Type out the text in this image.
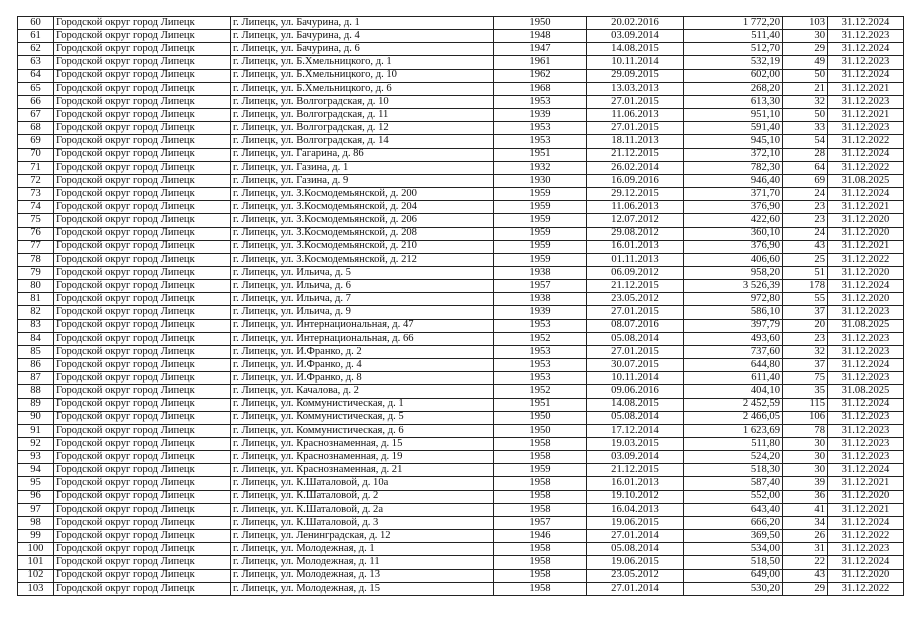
60	Городской округ город Липецк	г. Липецк, ул. Бачурина, д. 1	1950	20.02.2016	1 772,20	103	31.12.2024
61	Городской округ город Липецк	г. Липецк, ул. Бачурина, д. 4	1948	03.09.2014	511,40	30	31.12.2023
62	Городской округ город Липецк	г. Липецк, ул. Бачурина, д. 6	1947	14.08.2015	512,70	29	31.12.2024
63	Городской округ город Липецк	г. Липецк, ул. Б.Хмельницкого, д. 1	1961	10.11.2014	532,19	49	31.12.2023
64	Городской округ город Липецк	г. Липецк, ул. Б.Хмельницкого, д. 10	1962	29.09.2015	602,00	50	31.12.2024
65	Городской округ город Липецк	г. Липецк, ул. Б.Хмельницкого, д. 6	1968	13.03.2013	268,20	21	31.12.2021
66	Городской округ город Липецк	г. Липецк, ул. Волгоградская, д. 10	1953	27.01.2015	613,30	32	31.12.2023
67	Городской округ город Липецк	г. Липецк, ул. Волгоградская, д. 11	1939	11.06.2013	951,10	50	31.12.2021
68	Городской округ город Липецк	г. Липецк, ул. Волгоградская, д. 12	1953	27.01.2015	591,40	33	31.12.2023
69	Городской округ город Липецк	г. Липецк, ул. Волгоградская, д. 14	1953	18.11.2013	945,10	54	31.12.2022
70	Городской округ город Липецк	г. Липецк, ул. Гагарина, д. 86	1951	21.12.2015	372,10	28	31.12.2024
71	Городской округ город Липецк	г. Липецк, ул. Газина, д. 1	1932	26.02.2014	782,30	64	31.12.2022
72	Городской округ город Липецк	г. Липецк, ул. Газина, д. 9	1930	16.09.2016	946,40	69	31.08.2025
73	Городской округ город Липецк	г. Липецк, ул. З.Космодемьянской, д. 200	1959	29.12.2015	371,70	24	31.12.2024
74	Городской округ город Липецк	г. Липецк, ул. З.Космодемьянской, д. 204	1959	11.06.2013	376,90	23	31.12.2021
75	Городской округ город Липецк	г. Липецк, ул. З.Космодемьянской, д. 206	1959	12.07.2012	422,60	23	31.12.2020
76	Городской округ город Липецк	г. Липецк, ул. З.Космодемьянской, д. 208	1959	29.08.2012	360,10	24	31.12.2020
77	Городской округ город Липецк	г. Липецк, ул. З.Космодемьянской, д. 210	1959	16.01.2013	376,90	43	31.12.2021
78	Городской округ город Липецк	г. Липецк, ул. З.Космодемьянской, д. 212	1959	01.11.2013	406,60	25	31.12.2022
79	Городской округ город Липецк	г. Липецк, ул. Ильича, д. 5	1938	06.09.2012	958,20	51	31.12.2020
80	Городской округ город Липецк	г. Липецк, ул. Ильича, д. 6	1957	21.12.2015	3 526,39	178	31.12.2024
81	Городской округ город Липецк	г. Липецк, ул. Ильича, д. 7	1938	23.05.2012	972,80	55	31.12.2020
82	Городской округ город Липецк	г. Липецк, ул. Ильича, д. 9	1939	27.01.2015	586,10	37	31.12.2023
83	Городской округ город Липецк	г. Липецк, ул. Интернациональная, д. 47	1953	08.07.2016	397,79	20	31.08.2025
84	Городской округ город Липецк	г. Липецк, ул. Интернациональная, д. 66	1952	05.08.2014	493,60	23	31.12.2023
85	Городской округ город Липецк	г. Липецк, ул. И.Франко, д. 2	1953	27.01.2015	737,60	32	31.12.2023
86	Городской округ город Липецк	г. Липецк, ул. И.Франко, д. 4	1953	30.07.2015	644,80	37	31.12.2024
87	Городской округ город Липецк	г. Липецк, ул. И.Франко, д. 8	1953	10.11.2014	611,40	75	31.12.2023
88	Городской округ город Липецк	г. Липецк, ул. Качалова, д. 2	1952	09.06.2016	404,10	35	31.08.2025
89	Городской округ город Липецк	г. Липецк, ул. Коммунистическая, д. 1	1951	14.08.2015	2 452,59	115	31.12.2024
90	Городской округ город Липецк	г. Липецк, ул. Коммунистическая, д. 5	1950	05.08.2014	2 466,05	106	31.12.2023
91	Городской округ город Липецк	г. Липецк, ул. Коммунистическая, д. 6	1950	17.12.2014	1 623,69	78	31.12.2023
92	Городской округ город Липецк	г. Липецк, ул. Краснознаменная, д. 15	1958	19.03.2015	511,80	30	31.12.2023
93	Городской округ город Липецк	г. Липецк, ул. Краснознаменная, д. 19	1958	03.09.2014	524,20	30	31.12.2023
94	Городской округ город Липецк	г. Липецк, ул. Краснознаменная, д. 21	1959	21.12.2015	518,30	30	31.12.2024
95	Городской округ город Липецк	г. Липецк, ул. К.Шаталовой, д. 10а	1958	16.01.2013	587,40	39	31.12.2021
96	Городской округ город Липецк	г. Липецк, ул. К.Шаталовой, д. 2	1958	19.10.2012	552,00	36	31.12.2020
97	Городской округ город Липецк	г. Липецк, ул. К.Шаталовой, д. 2а	1958	16.04.2013	643,40	41	31.12.2021
98	Городской округ город Липецк	г. Липецк, ул. К.Шаталовой, д. 3	1957	19.06.2015	666,20	34	31.12.2024
99	Городской округ город Липецк	г. Липецк, ул. Ленинградская, д. 12	1946	27.01.2014	369,50	26	31.12.2022
100	Городской округ город Липецк	г. Липецк, ул. Молодежная, д. 1	1958	05.08.2014	534,00	31	31.12.2023
101	Городской округ город Липецк	г. Липецк, ул. Молодежная, д. 11	1958	19.06.2015	518,50	22	31.12.2024
102	Городской округ город Липецк	г. Липецк, ул. Молодежная, д. 13	1958	23.05.2012	649,00	43	31.12.2020
103	Городской округ город Липецк	г. Липецк, ул. Молодежная, д. 15	1958	27.01.2014	530,20	29	31.12.2022
